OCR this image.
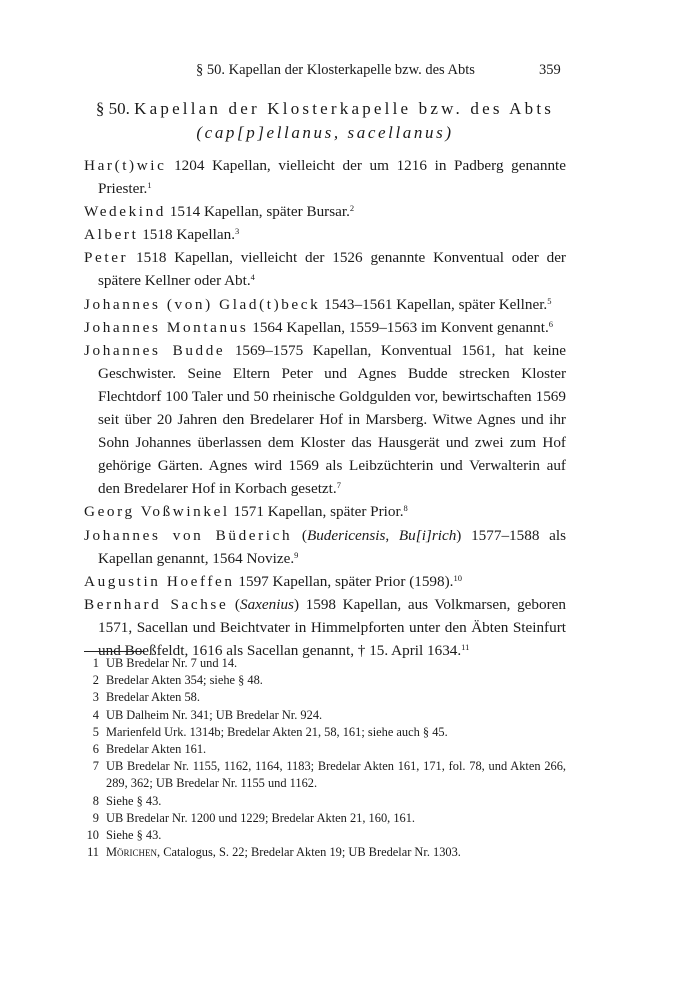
§ 50. Kapellan der Klosterkapelle bzw. des Abts	359
§ 50. Kapellan der Klosterkapelle bzw. des Abts
(cap[p]ellanus, sacellanus)
Har(t)wic 1204 Kapellan, vielleicht der um 1216 in Padberg genannte Priester.$^1$
Wedekind 1514 Kapellan, später Bursar.$^2$
Albert 1518 Kapellan.$^3$
Peter 1518 Kapellan, vielleicht der 1526 genannte Konventual oder der spätere Kellner oder Abt.$^4$
Johannes (von) Glad(t)beck 1543–1561 Kapellan, später Kellner.$^5$
Johannes Montanus 1564 Kapellan, 1559–1563 im Konvent genannt.$^6$
Johannes Budde 1569–1575 Kapellan, Konventual 1561, hat keine Geschwister. Seine Eltern Peter und Agnes Budde strecken Kloster Flechtdorf 100 Taler und 50 rheinische Goldgulden vor, bewirtschaften 1569 seit über 20 Jahren den Bredelarer Hof in Marsberg. Witwe Agnes und ihr Sohn Johannes überlassen dem Kloster das Hausgerät und zwei zum Hof gehörige Gärten. Agnes wird 1569 als Leibzüchterin und Verwalterin auf den Bredelarer Hof in Korbach gesetzt.$^7$
Georg Voßwinkel 1571 Kapellan, später Prior.$^8$
Johannes von Büderich (Budericensis, Bu[i]rich) 1577–1588 als Kapellan genannt, 1564 Novize.$^9$
Augustin Hoeffen 1597 Kapellan, später Prior (1598).$^{10}$
Bernhard Sachse (Saxenius) 1598 Kapellan, aus Volkmarsen, geboren 1571, Sacellan und Beichtvater in Himmelpforten unter den Äbten Steinfurt und Boeßfeldt, 1616 als Sacellan genannt, † 15. April 1634.11
1 UB Bredelar Nr. 7 und 14.
2 Bredelar Akten 354; siehe § 48.
3 Bredelar Akten 58.
4 UB Dalheim Nr. 341; UB Bredelar Nr. 924.
5 Marienfeld Urk. 1314b; Bredelar Akten 21, 58, 161; siehe auch § 45.
6 Bredelar Akten 161.
7 UB Bredelar Nr. 1155, 1162, 1164, 1183; Bredelar Akten 161, 171, fol. 78, und Akten 266, 289, 362; UB Bredelar Nr. 1155 und 1162.
8 Siehe § 43.
9 UB Bredelar Nr. 1200 und 1229; Bredelar Akten 21, 160, 161.
10 Siehe § 43.
11 Mörichen, Catalogus, S. 22; Bredelar Akten 19; UB Bredelar Nr. 1303.
